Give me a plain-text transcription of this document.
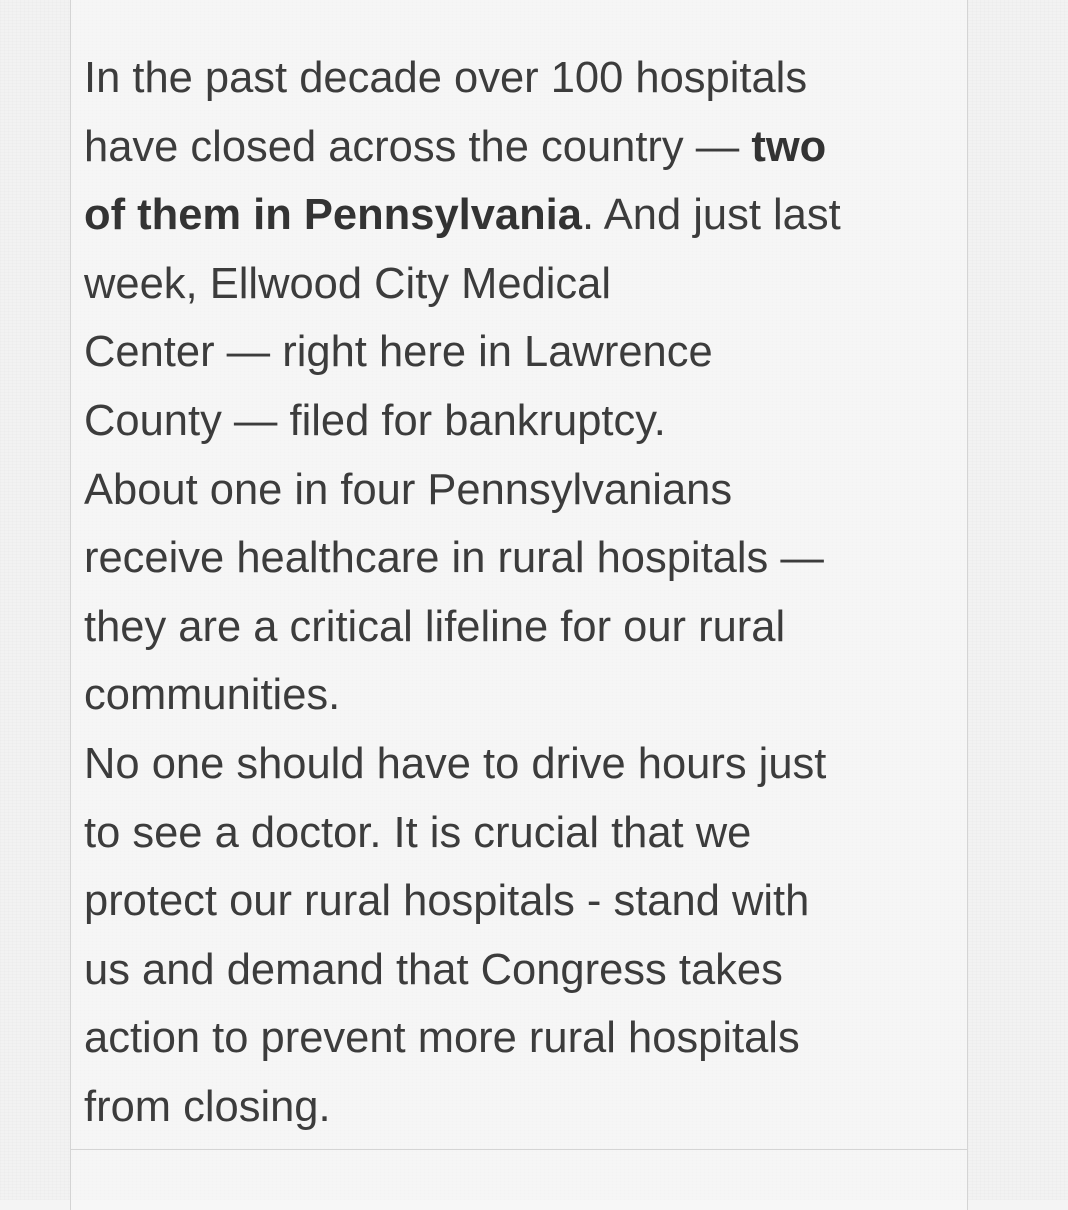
In the past decade over 100 hospitals
have closed across the country — two
of them in Pennsylvania. And just last
week, Ellwood City Medical
Center — right here in Lawrence
County — filed for bankruptcy.
About one in four Pennsylvanians
receive healthcare in rural hospitals —
they are a critical lifeline for our rural
communities.
No one should have to drive hours just
to see a doctor. It is crucial that we
protect our rural hospitals - stand with
us and demand that Congress takes
action to prevent more rural hospitals
from closing.
